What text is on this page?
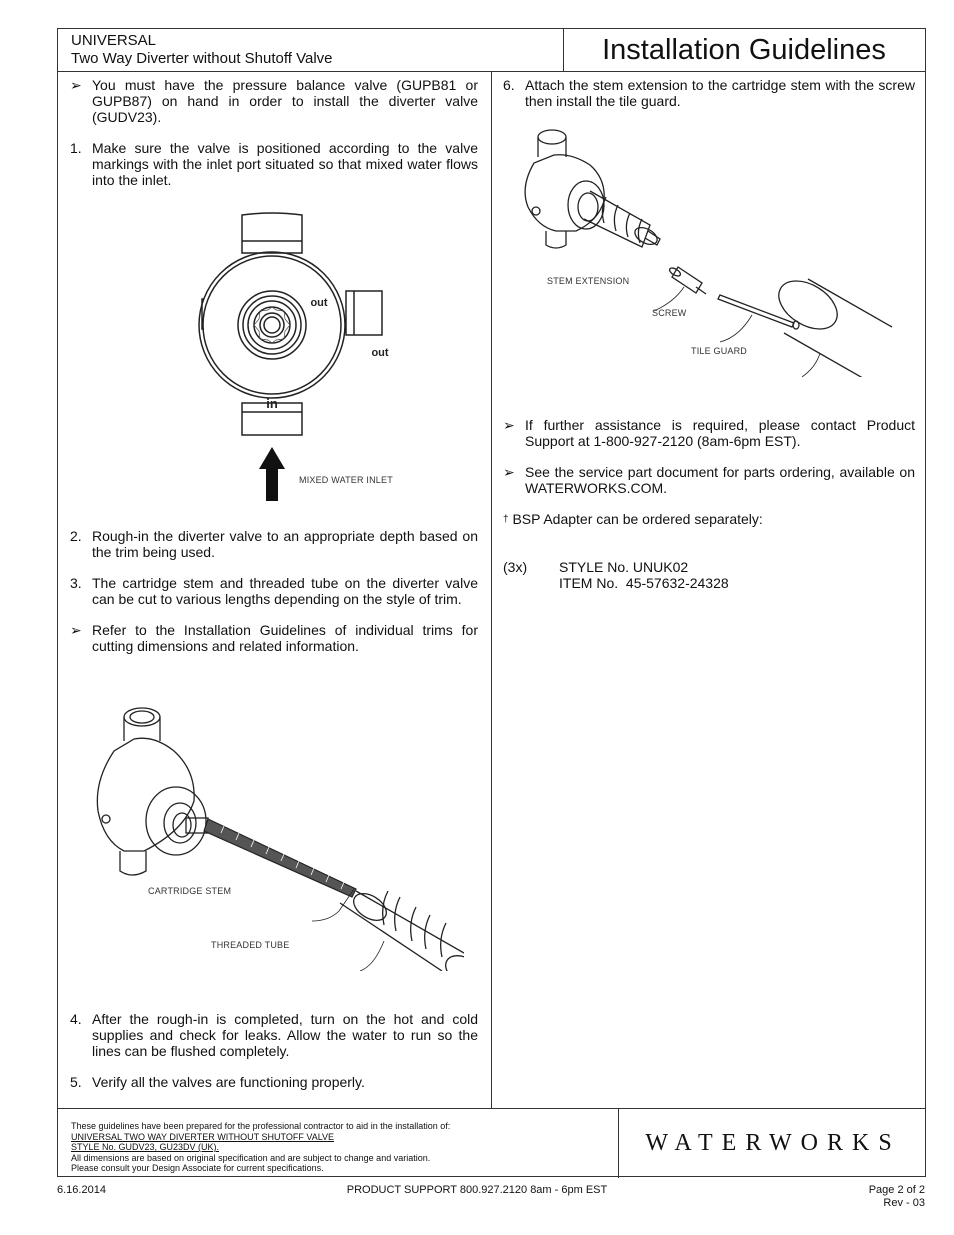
UNIVERSAL
Two Way Diverter without Shutoff Valve	Installation Guidelines
➢ You must have the pressure balance valve (GUPB81 or GUPB87) on hand in order to install the diverter valve (GUDV23).
1. Make sure the valve is positioned according to the valve markings with the inlet port situated so that mixed water flows into the inlet.
out
out
in
MIXED WATER INLET
2. Rough-in the diverter valve to an appropriate depth based on the trim being used.
3. The cartridge stem and threaded tube on the diverter valve can be cut to various lengths depending on the style of trim.
➢ Refer to the Installation Guidelines of individual trims for cutting dimensions and related information.
CARTRIDGE STEM
THREADED TUBE
4. After the rough-in is completed, turn on the hot and cold supplies and check for leaks. Allow the water to run so the lines can be flushed completely.
5. Verify all the valves are functioning properly.
6. Attach the stem extension to the cartridge stem with the screw then install the tile guard.
STEM EXTENSION
SCREW
TILE GUARD
➢ If further assistance is required, please contact Product Support at 1-800-927-2120 (8am-6pm EST).
➢ See the service part document for parts ordering, available on WATERWORKS.COM.
† BSP Adapter can be ordered separately:
(3x) STYLE No. UNUK02
ITEM No. 45-57632-24328
These guidelines have been prepared for the professional contractor to aid in the installation of:
UNIVERSAL TWO WAY DIVERTER WITHOUT SHUTOFF VALVE
STYLE No. GUDV23, GU23DV (UK).
All dimensions are based on original specification and are subject to change and variation.
Please consult your Design Associate for current specifications.
WATERWORKS
6.16.2014	PRODUCT SUPPORT 800.927.2120 8am - 6pm EST	Page 2 of 2
Rev - 03
